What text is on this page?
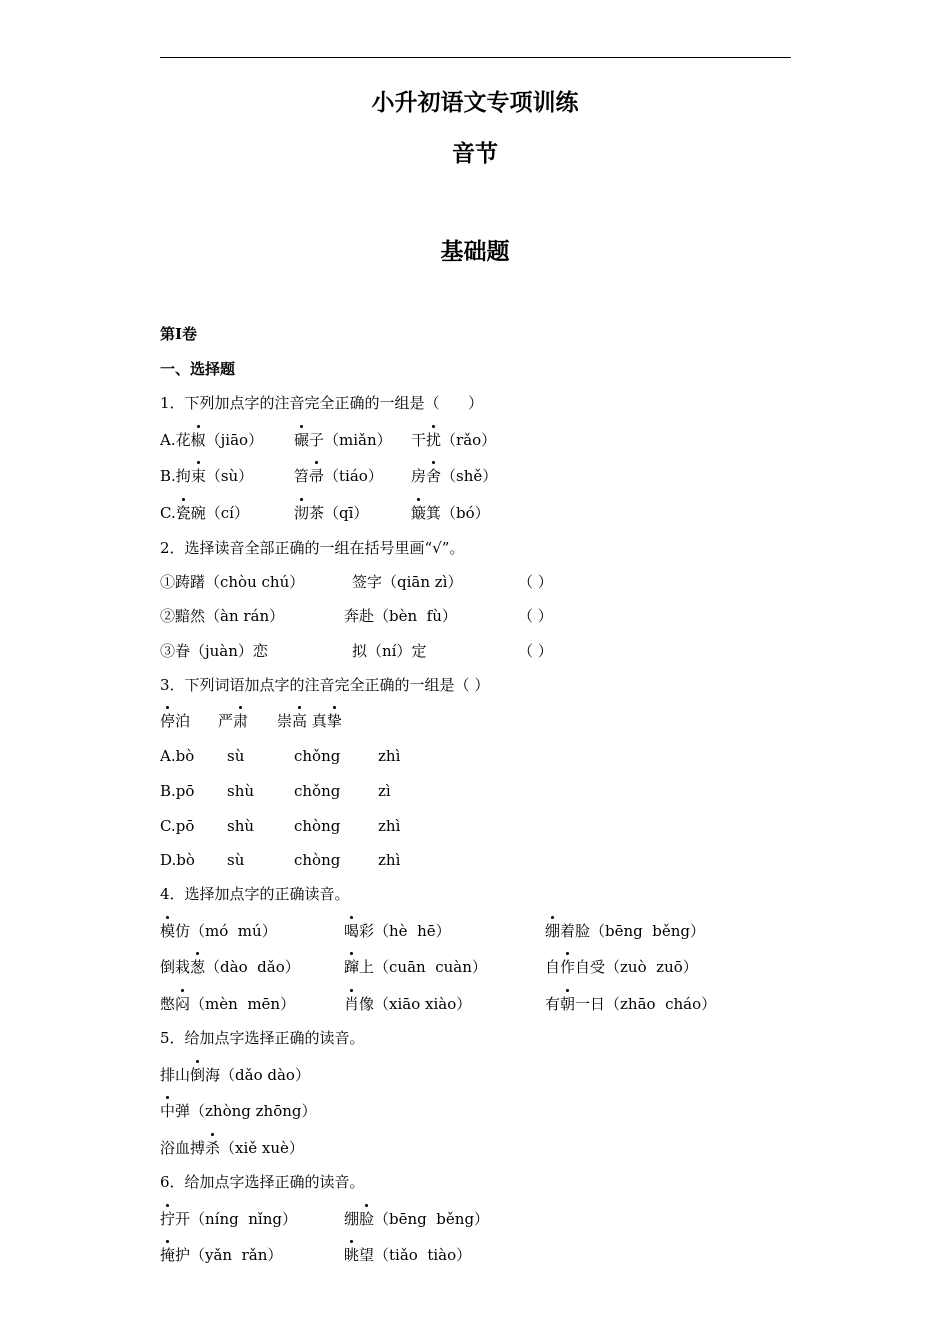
小升初语文专项训练
音节
基础题
第I卷
一、选择题
1．下列加点字的注音完全正确的一组是（      ）
A.花椒（jiāo） 碾子（miǎn） 干扰（rǎo）
B.拘束（sù）	笤帚（tiáo） 房舍（shě）
C.瓷碗（cí）	沏茶（qī）	簸箕（bó）
2．选择读音全部正确的一组在括号里画“√”。
①踌躇（chòu chú）	签字（qiān zì）	（ ）
②黯然（àn rán）	奔赴（bèn  fù）	（ ）
③眷（juàn）恋	拟（ní）定	（ ）
3．下列词语加点字的注音完全正确的一组是（ ）
停泊 严肃 崇高 真挚
A.bò sù	chǒng	zhì
B.pō shù	chǒng	zì
C.pō shù	chòng	zhì
D.bò sù	chòng	zhì
4．选择加点字的正确读音。
模仿（mó  mú）	喝彩（hè  hē）	绷着脸（bēng  běng）
倒栽葱（dào  dǎo）	蹿上（cuān  cuàn）	自作自受（zuò  zuō）
憋闷（mèn  mēn）	肖像（xiāo xiào）	有朝一日（zhāo  cháo）
5．给加点字选择正确的读音。
排山倒海（dǎo dào）
中弹（zhòng zhōng）
浴血搏杀（xiě xuè）
6．给加点字选择正确的读音。
拧开（níng  nǐng）	绷脸（bēng  běng）
掩护（yǎn  rǎn）	眺望（tiǎo  tiào）
